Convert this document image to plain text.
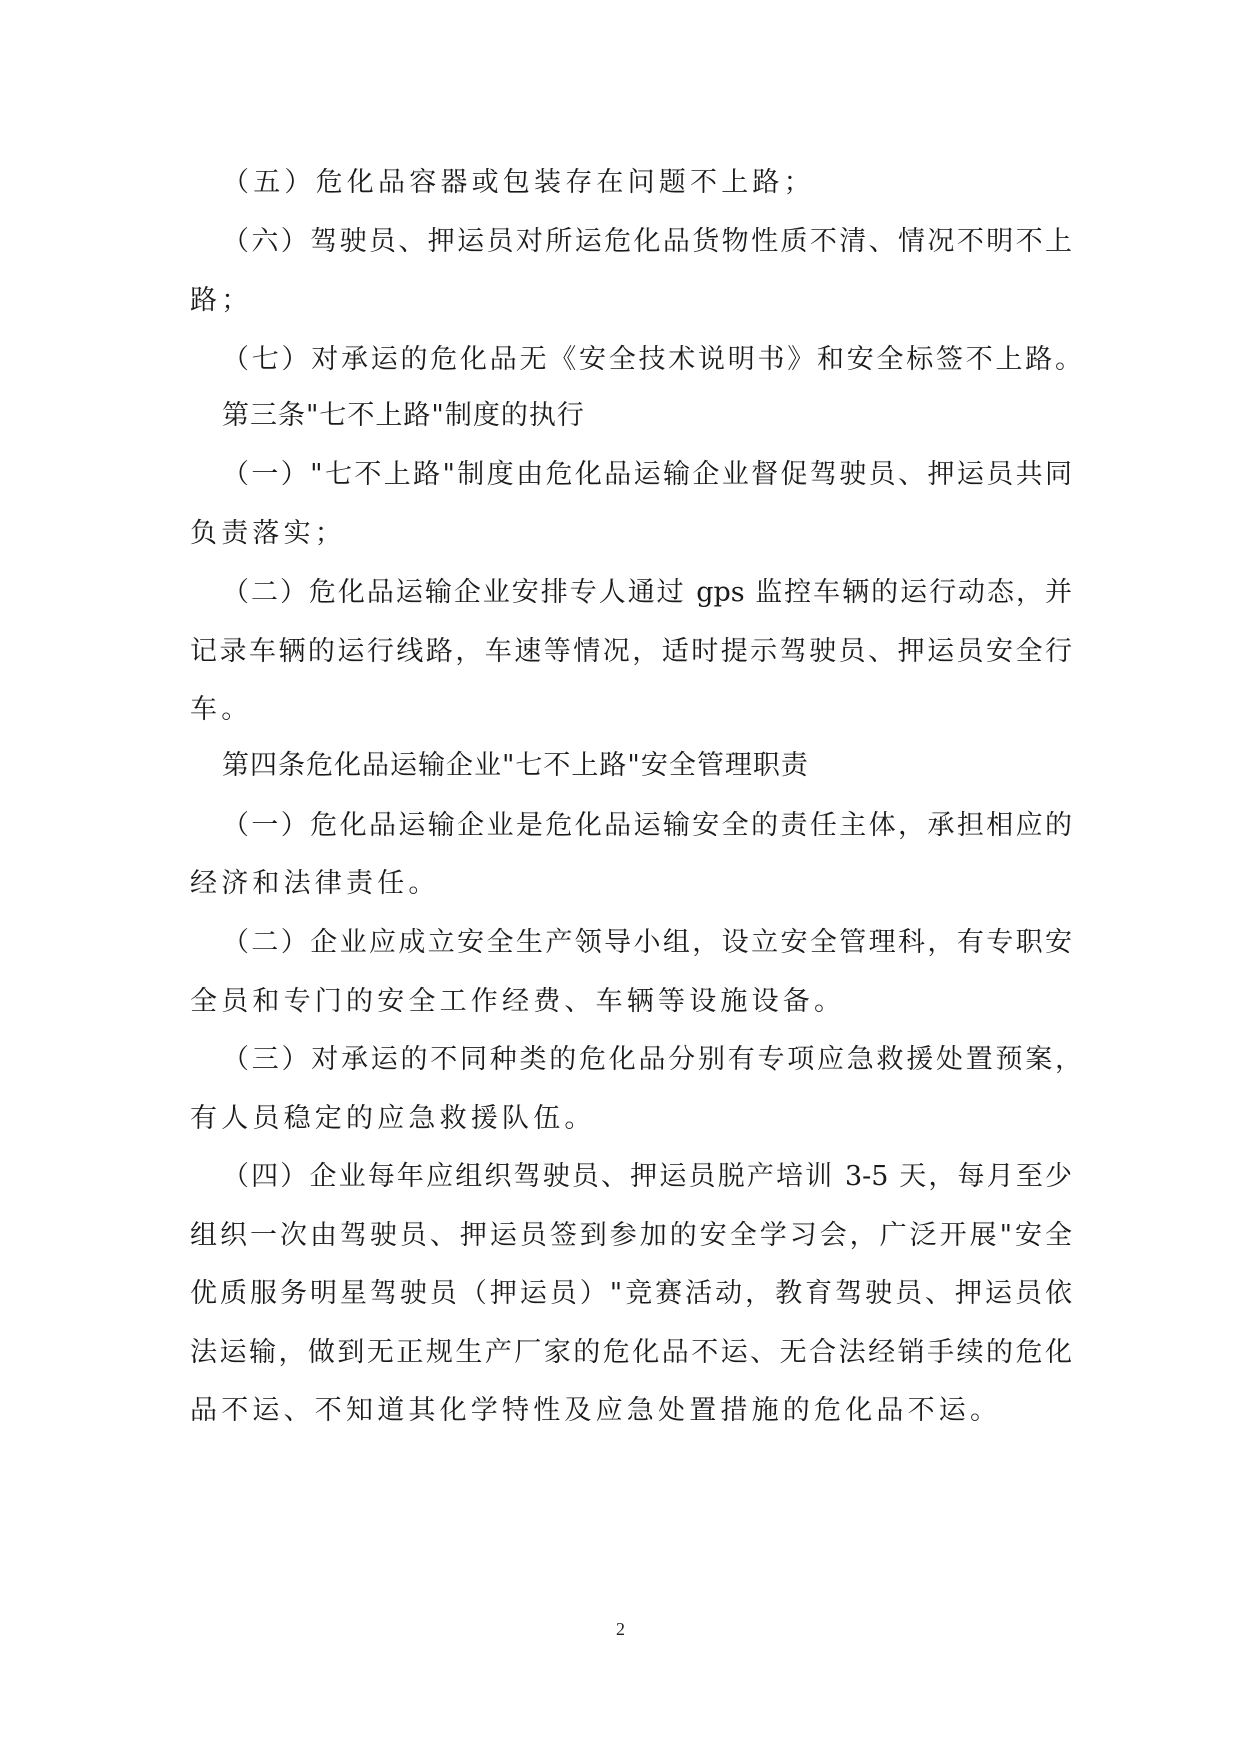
（五）危化品容器或包装存在问题不上路；
（六）驾驶员、押运员对所运危化品货物性质不清、情况不明不上
路；
（七）对承运的危化品无《安全技术说明书》和安全标签不上路。
第三条"七不上路"制度的执行
（一）"七不上路"制度由危化品运输企业督促驾驶员、押运员共同
负责落实；
（二）危化品运输企业安排专人通过 gps 监控车辆的运行动态，并
记录车辆的运行线路，车速等情况，适时提示驾驶员、押运员安全行
车。
第四条危化品运输企业"七不上路"安全管理职责
（一）危化品运输企业是危化品运输安全的责任主体，承担相应的
经济和法律责任。
（二）企业应成立安全生产领导小组，设立安全管理科，有专职安
全员和专门的安全工作经费、车辆等设施设备。
（三）对承运的不同种类的危化品分别有专项应急救援处置预案，
有人员稳定的应急救援队伍。
（四）企业每年应组织驾驶员、押运员脱产培训 3-5 天，每月至少
组织一次由驾驶员、押运员签到参加的安全学习会，广泛开展"安全
优质服务明星驾驶员（押运员）"竞赛活动，教育驾驶员、押运员依
法运输，做到无正规生产厂家的危化品不运、无合法经销手续的危化
品不运、不知道其化学特性及应急处置措施的危化品不运。
2
